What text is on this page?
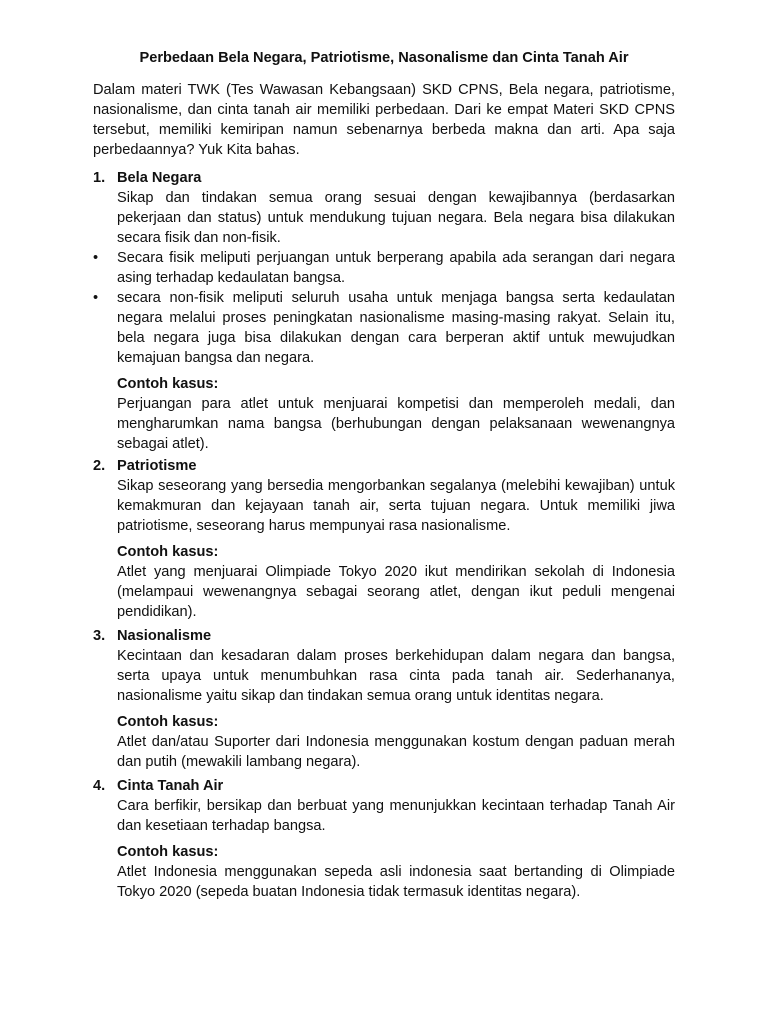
Perbedaan Bela Negara, Patriotisme, Nasonalisme dan Cinta Tanah Air
Dalam materi TWK (Tes Wawasan Kebangsaan) SKD CPNS, Bela negara, patriotisme, nasionalisme, dan cinta tanah air memiliki perbedaan. Dari ke empat Materi SKD CPNS tersebut, memiliki kemiripan namun sebenarnya berbeda makna dan arti. Apa saja perbedaannya? Yuk Kita bahas.
1. Bela Negara
Sikap dan tindakan semua orang sesuai dengan kewajibannya (berdasarkan pekerjaan dan status) untuk mendukung tujuan negara. Bela negara bisa dilakukan secara fisik dan non-fisik.
•	Secara fisik meliputi perjuangan untuk berperang apabila ada serangan dari negara asing terhadap kedaulatan bangsa.
•	secara non-fisik meliputi seluruh usaha untuk menjaga bangsa serta kedaulatan negara melalui proses peningkatan nasionalisme masing-masing rakyat. Selain itu, bela negara juga bisa dilakukan dengan cara berperan aktif untuk mewujudkan kemajuan bangsa dan negara.
Contoh kasus:
Perjuangan para atlet untuk menjuarai kompetisi dan memperoleh medali, dan mengharumkan nama bangsa (berhubungan dengan pelaksanaan wewenangnya sebagai atlet).
2. Patriotisme
Sikap seseorang yang bersedia mengorbankan segalanya (melebihi kewajiban) untuk kemakmuran dan kejayaan tanah air, serta tujuan negara. Untuk memiliki jiwa patriotisme, seseorang harus mempunyai rasa nasionalisme.
Contoh kasus:
Atlet yang menjuarai Olimpiade Tokyo 2020 ikut mendirikan sekolah di Indonesia (melampaui wewenangnya sebagai seorang atlet, dengan ikut peduli mengenai pendidikan).
3. Nasionalisme
Kecintaan dan kesadaran dalam proses berkehidupan dalam negara dan bangsa, serta upaya untuk menumbuhkan rasa cinta pada tanah air. Sederhananya, nasionalisme yaitu sikap dan tindakan semua orang untuk identitas negara.
Contoh kasus:
Atlet dan/atau Suporter dari Indonesia menggunakan kostum dengan paduan merah dan putih (mewakili lambang negara).
4. Cinta Tanah Air
Cara berfikir, bersikap dan berbuat yang menunjukkan kecintaan terhadap Tanah Air dan kesetiaan terhadap bangsa.
Contoh kasus:
Atlet Indonesia menggunakan sepeda asli indonesia saat bertanding di Olimpiade Tokyo 2020 (sepeda buatan Indonesia tidak termasuk identitas negara).
